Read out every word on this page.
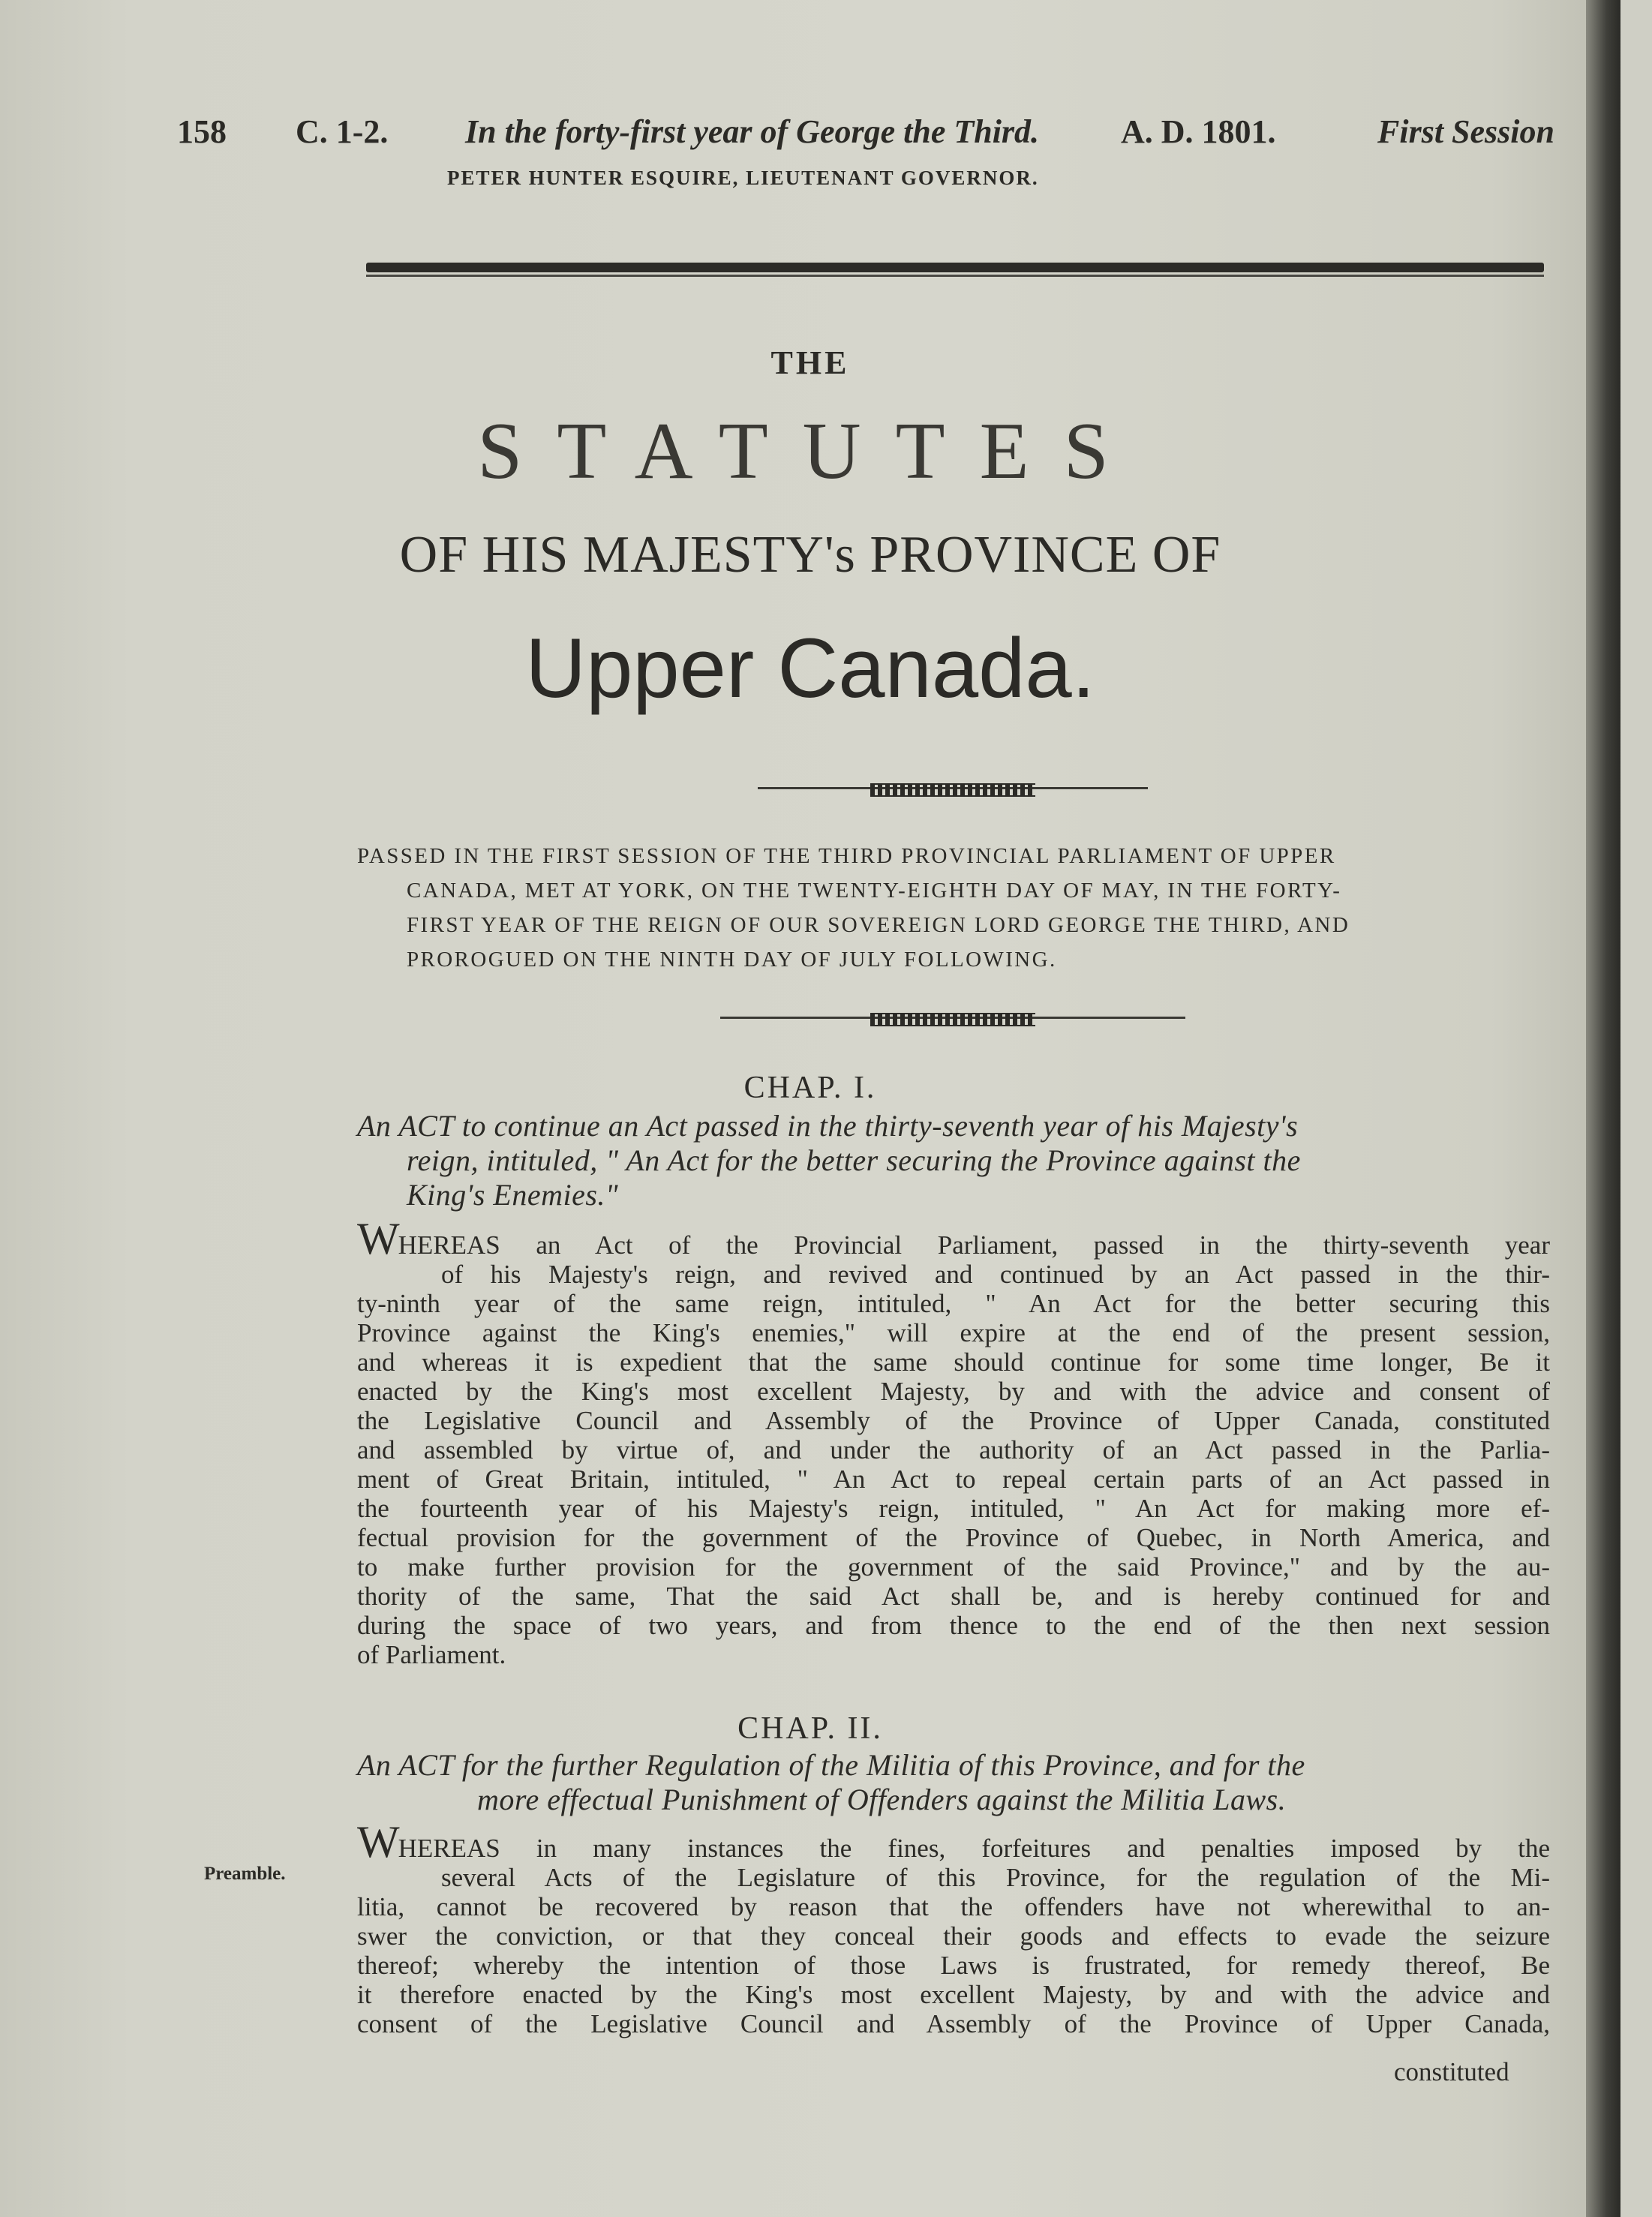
158 C. 1-2. In the forty-first year of George the Third. A. D. 1801.	First Session
PETER HUNTER ESQUIRE, LIEUTENANT GOVERNOR.
THE
STATUTES
OF HIS MAJESTY's PROVINCE OF
Upper Canada.
PASSED IN THE FIRST SESSION OF THE THIRD PROVINCIAL PARLIAMENT OF UPPER
CANADA, MET AT YORK, ON THE TWENTY-EIGHTH DAY OF MAY, IN THE FORTY-
FIRST YEAR OF THE REIGN OF OUR SOVEREIGN LORD GEORGE THE THIRD, AND
PROROGUED ON THE NINTH DAY OF JULY FOLLOWING.
CHAP. I.
An ACT to continue an Act passed in the thirty-seventh year of his Majesty's
reign, intituled, " An Act for the better securing the Province against the
King's Enemies."
WHEREAS an Act of the Provincial Parliament, passed in the thirty-seventh year
of his Majesty's reign, and revived and continued by an Act passed in the thir-
ty-ninth year of the same reign, intituled, " An Act for the better securing this
Province against the King's enemies," will expire at the end of the present session,
and whereas it is expedient that the same should continue for some time longer, Be it
enacted by the King's most excellent Majesty, by and with the advice and consent of
the Legislative Council and Assembly of the Province of Upper Canada, constituted
and assembled by virtue of, and under the authority of an Act passed in the Parlia-
ment of Great Britain, intituled, " An Act to repeal certain parts of an Act passed in
the fourteenth year of his Majesty's reign, intituled, " An Act for making more ef-
fectual provision for the government of the Province of Quebec, in North America, and
to make further provision for the government of the said Province," and by the au-
thority of the same, That the said Act shall be, and is hereby continued for and
during the space of two years, and from thence to the end of the then next session
of Parliament.
CHAP. II.
An ACT for the further Regulation of the Militia of this Province, and for the
more effectual Punishment of Offenders against the Militia Laws.
Preamble.
WHEREAS in many instances the fines, forfeitures and penalties imposed by the
several Acts of the Legislature of this Province, for the regulation of the Mi-
litia, cannot be recovered by reason that the offenders have not wherewithal to an-
swer the conviction, or that they conceal their goods and effects to evade the seizure
thereof; whereby the intention of those Laws is frustrated, for remedy thereof, Be
it therefore enacted by the King's most excellent Majesty, by and with the advice and
consent of the Legislative Council and Assembly of the Province of Upper Canada,
constituted
